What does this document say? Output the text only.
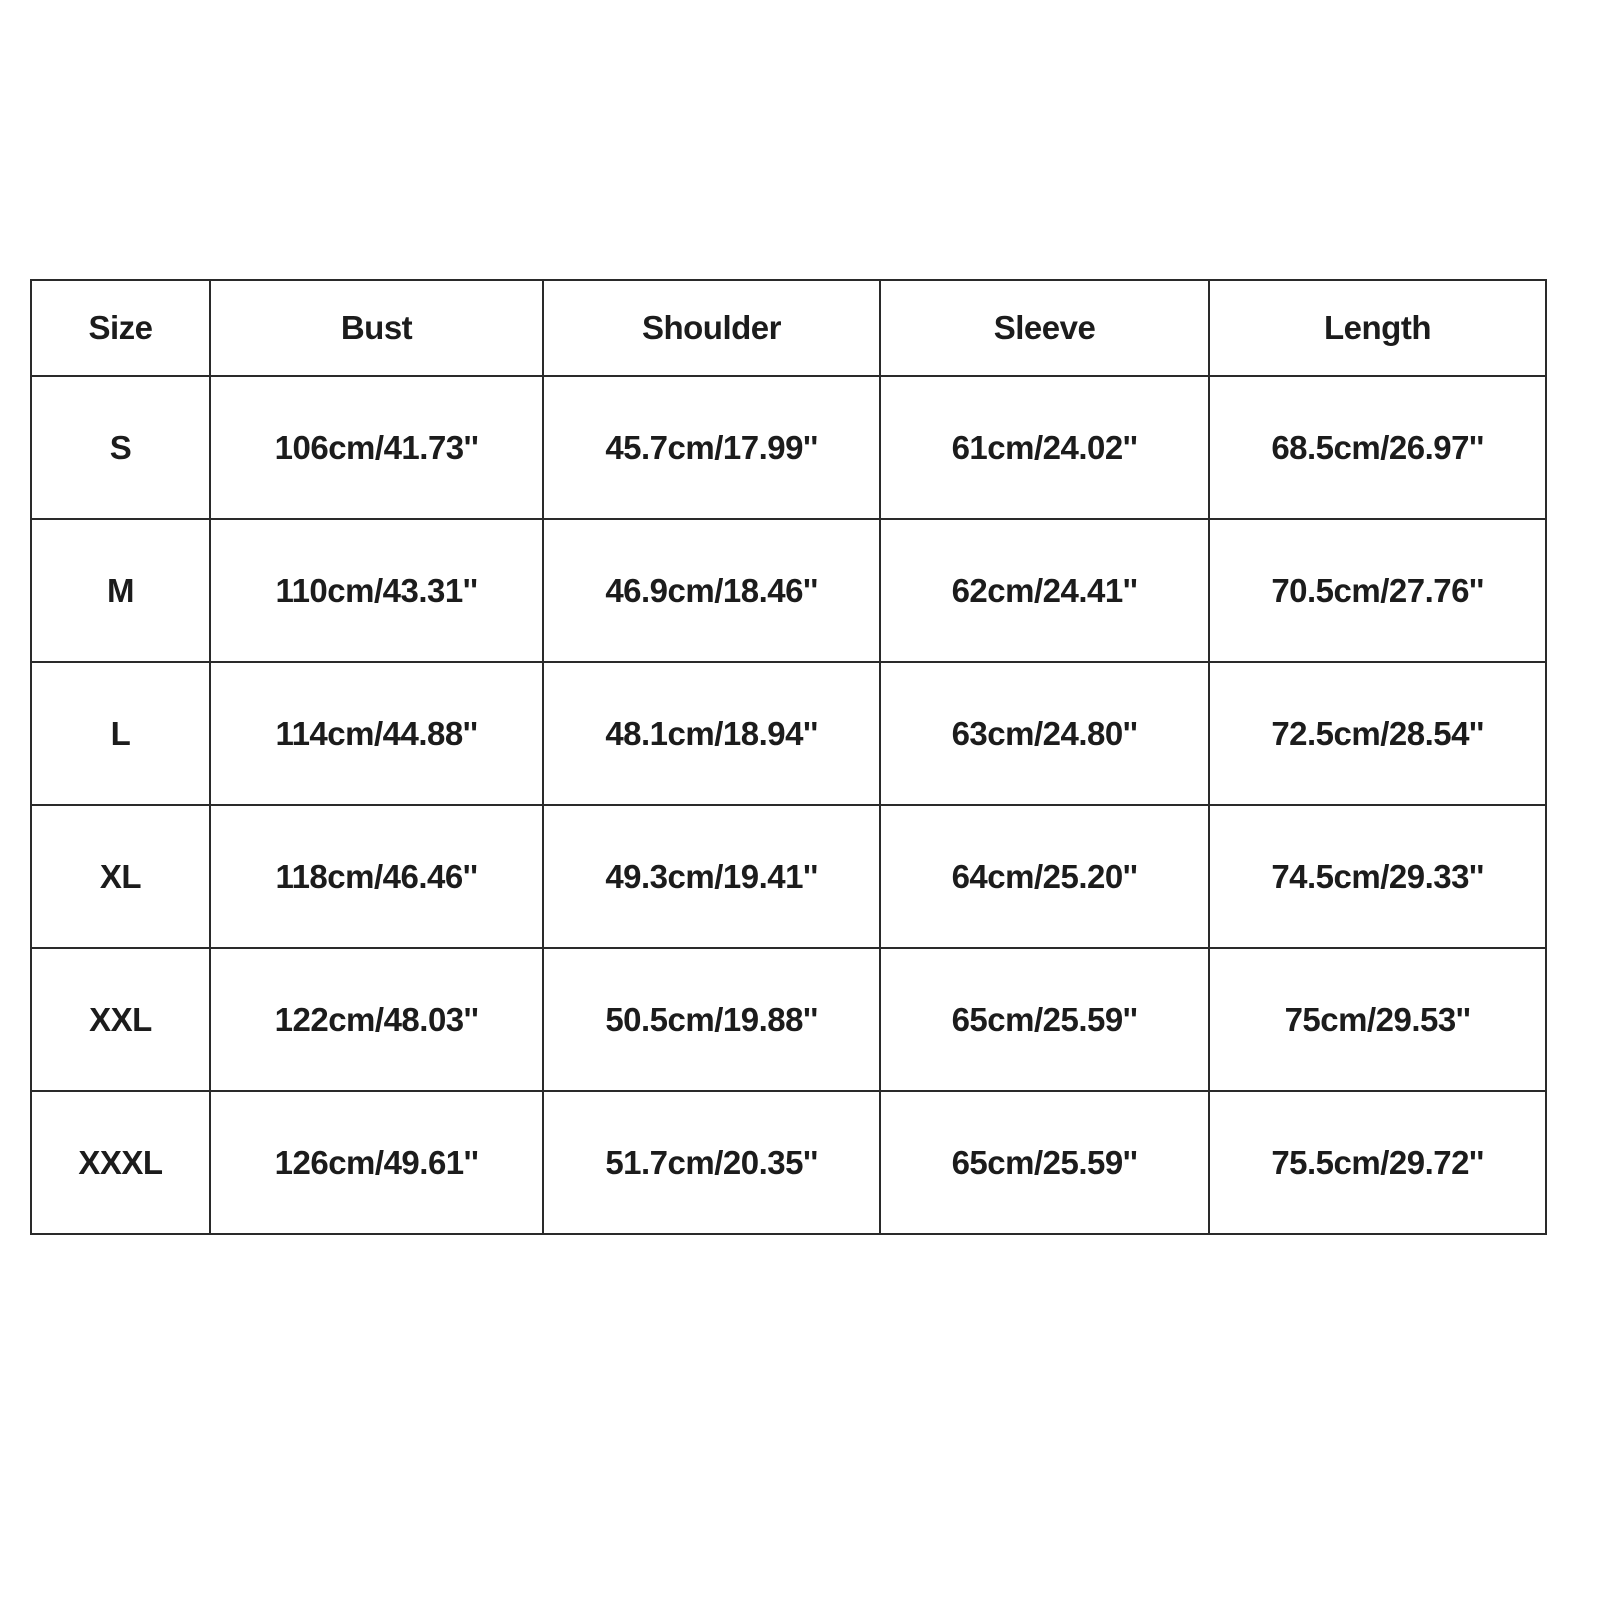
Size	Bust	Shoulder	Sleeve	Length
S	106cm/41.73''	45.7cm/17.99''	61cm/24.02''	68.5cm/26.97''
M	110cm/43.31''	46.9cm/18.46''	62cm/24.41''	70.5cm/27.76''
L	114cm/44.88''	48.1cm/18.94''	63cm/24.80''	72.5cm/28.54''
XL	118cm/46.46''	49.3cm/19.41''	64cm/25.20''	74.5cm/29.33''
XXL	122cm/48.03''	50.5cm/19.88''	65cm/25.59''	75cm/29.53''
XXXL	126cm/49.61''	51.7cm/20.35''	65cm/25.59''	75.5cm/29.72''
